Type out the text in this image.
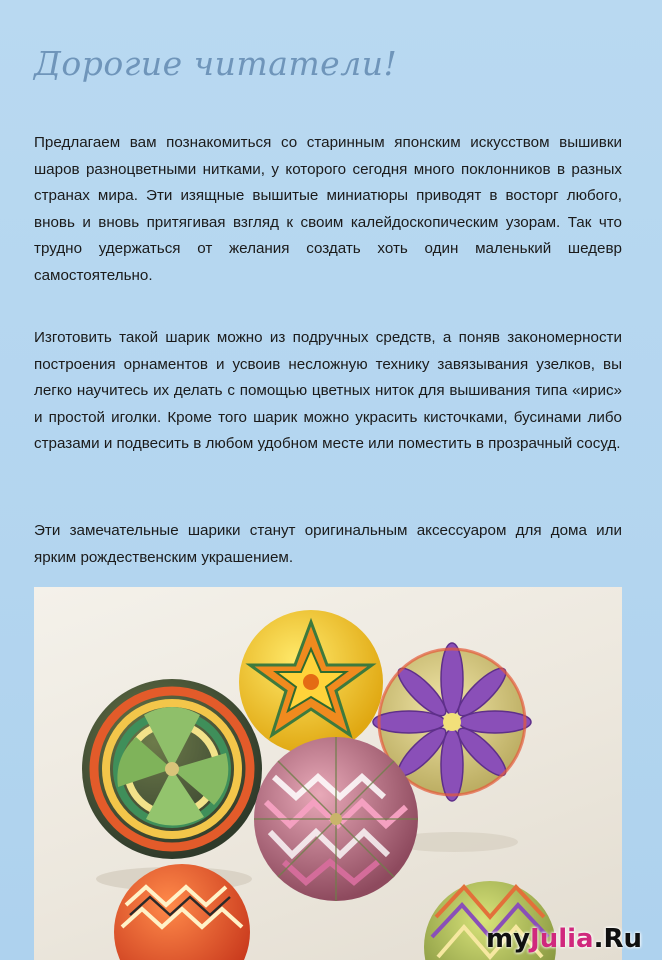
Дорогие читатели!

Предлагаем вам познакомиться со старинным японским искусством вышивки шаров разноцветными нитками, у которого сегодня много поклонников в разных странах мира. Эти изящные вышитые миниатюры приводят в восторг любого, вновь и вновь притягивая взгляд к своим калейдоскопическим узорам. Так что трудно удержаться от желания создать хоть один маленький шедевр самостоятельно.

Изготовить такой шарик можно из подручных средств, а поняв закономерности построения орнаментов и усвоив несложную технику завязывания узелков, вы легко научитесь их делать с помощью цветных ниток для вышивания типа «ирис» и простой иголки. Кроме того шарик можно украсить кисточками, бусинами либо стразами и подвесить в любом удобном месте или поместить в прозрачный сосуд.

Эти замечательные шарики станут оригинальным аксессуаром для дома или ярким рождественским украшением.

myJulia.Ru
